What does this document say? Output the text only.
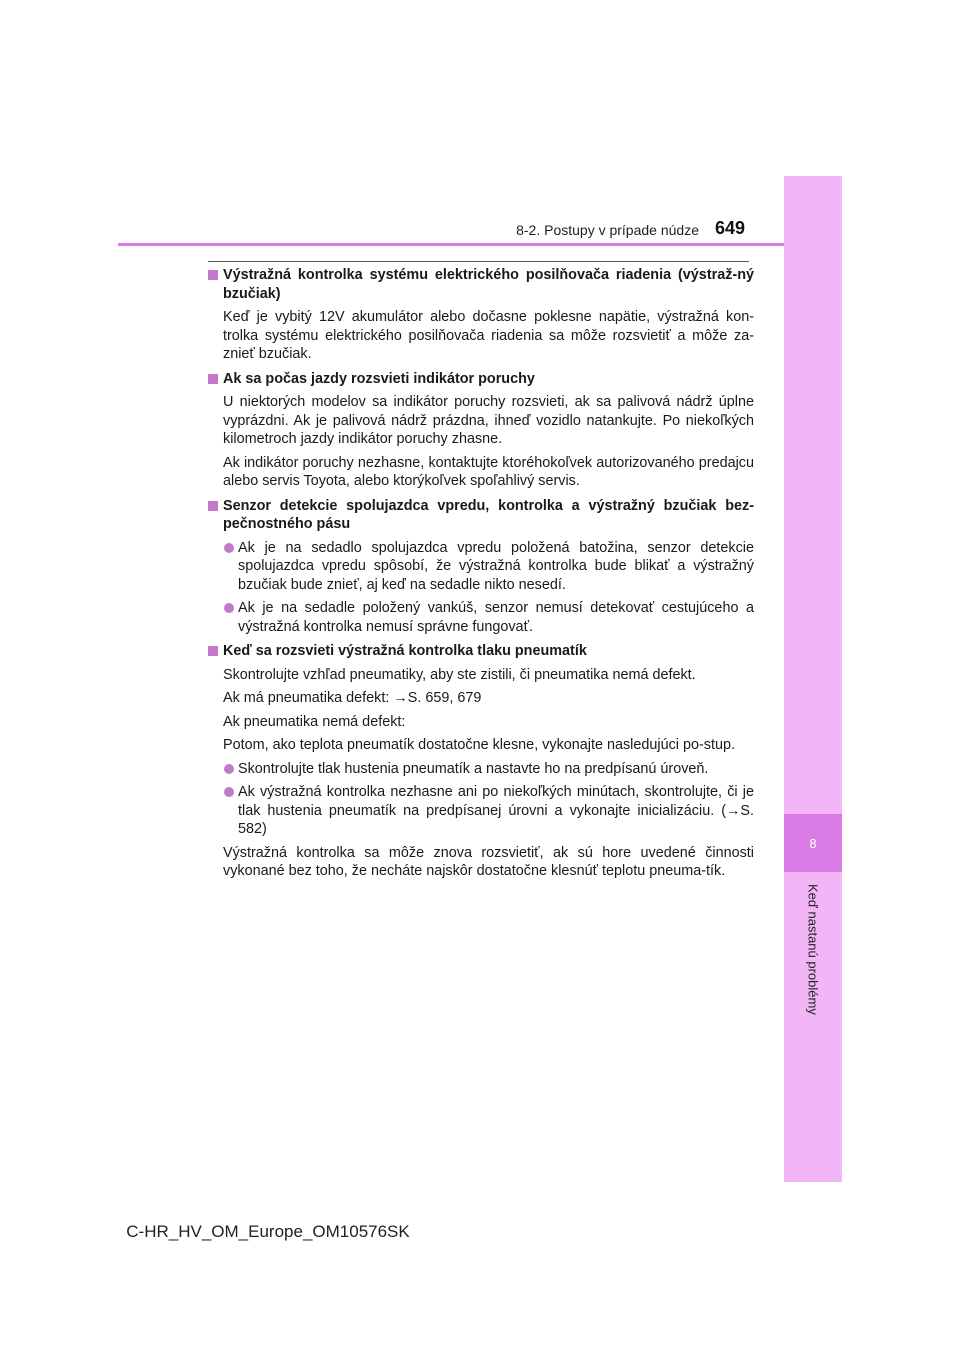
8
Keď nastanú problémy
8-2. Postupy v prípade núdze 649
Výstražná kontrolka systému elektrického posilňovača riadenia (výstraž-ný bzučiak)
Keď je vybitý 12V akumulátor alebo dočasne poklesne napätie, výstražná kon-trolka systému elektrického posilňovača riadenia sa môže rozsvietiť a môže za-znieť bzučiak.
Ak sa počas jazdy rozsvieti indikátor poruchy
U niektorých modelov sa indikátor poruchy rozsvieti, ak sa palivová nádrž úplne vyprázdni. Ak je palivová nádrž prázdna, ihneď vozidlo natankujte. Po niekoľkých kilometroch jazdy indikátor poruchy zhasne.
Ak indikátor poruchy nezhasne, kontaktujte ktoréhokoľvek autorizovaného predajcu alebo servis Toyota, alebo ktorýkoľvek spoľahlivý servis.
Senzor detekcie spolujazdca vpredu, kontrolka a výstražný bzučiak bez-pečnostného pásu
Ak je na sedadlo spolujazdca vpredu položená batožina, senzor detekcie spolujazdca vpredu spôsobí, že výstražná kontrolka bude blikať a výstražný bzučiak bude znieť, aj keď na sedadle nikto nesedí.
Ak je na sedadle položený vankúš, senzor nemusí detekovať cestujúceho a výstražná kontrolka nemusí správne fungovať.
Keď sa rozsvieti výstražná kontrolka tlaku pneumatík
Skontrolujte vzhľad pneumatiky, aby ste zistili, či pneumatika nemá defekt.
Ak má pneumatika defekt: →S. 659, 679
Ak pneumatika nemá defekt:
Potom, ako teplota pneumatík dostatočne klesne, vykonajte nasledujúci po-stup.
Skontrolujte tlak hustenia pneumatík a nastavte ho na predpísanú úroveň.
Ak výstražná kontrolka nezhasne ani po niekoľkých minútach, skontrolujte, či je tlak hustenia pneumatík na predpísanej úrovni a vykonajte inicializáciu. (→S. 582)
Výstražná kontrolka sa môže znova rozsvietiť, ak sú hore uvedené činnosti vykonané bez toho, že necháte najskôr dostatočne klesnúť teplotu pneuma-tík.
C-HR_HV_OM_Europe_OM10576SK
